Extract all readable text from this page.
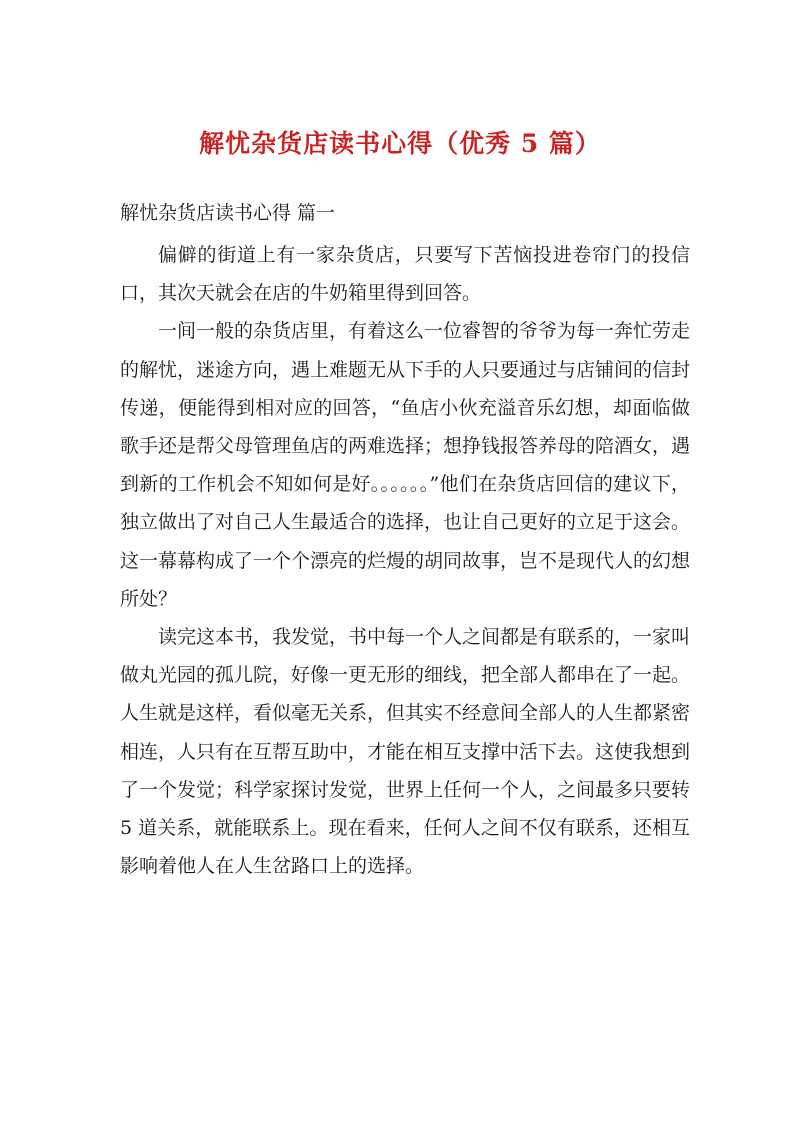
解忧杂货店读书心得（优秀 5 篇）
解忧杂货店读书心得 篇一

偏僻的街道上有一家杂货店，只要写下苦恼投进卷帘门的投信口，其次天就会在店的牛奶箱里得到回答。

一间一般的杂货店里，有着这么一位睿智的爷爷为每一奔忙劳走的解忧，迷途方向，遇上难题无从下手的人只要通过与店铺间的信封传递，便能得到相对应的回答，“鱼店小伙充溢音乐幻想，却面临做歌手还是帮父母管理鱼店的两难选择；想挣钱报答养母的陪酒女，遇到新的工作机会不知如何是好。。。。。。”他们在杂货店回信的建议下，独立做出了对自己人生最适合的选择，也让自己更好的立足于这会。这一幕幕构成了一个个漂亮的烂熳的胡同故事，岂不是现代人的幻想所处？

读完这本书，我发觉，书中每一个人之间都是有联系的，一家叫做丸光园的孤儿院，好像一更无形的细线，把全部人都串在了一起。人生就是这样，看似毫无关系，但其实不经意间全部人的人生都紧密相连，人只有在互帮互助中，才能在相互支撑中活下去。这使我想到了一个发觉；科学家探讨发觉，世界上任何一个人，之间最多只要转 5 道关系，就能联系上。现在看来，任何人之间不仅有联系，还相互影响着他人在人生岔路口上的选择。
